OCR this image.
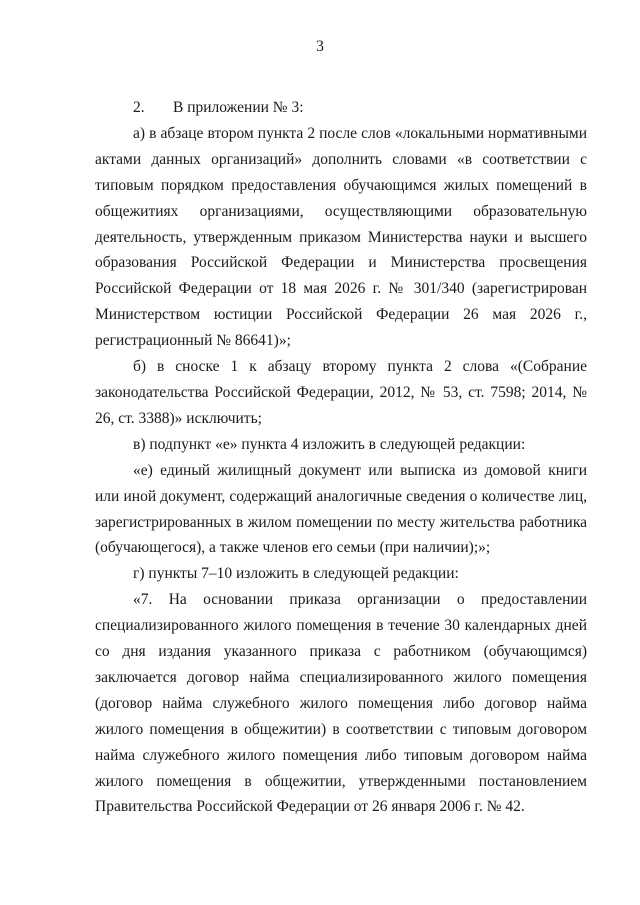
3

2. В приложении № 3:

а) в абзаце втором пункта 2 после слов «локальными нормативными актами данных организаций» дополнить словами «в соответствии с типовым порядком предоставления обучающимся жилых помещений в общежитиях организациями, осуществляющими образовательную деятельность, утвержденным приказом Министерства науки и высшего образования Российской Федерации и Министерства просвещения Российской Федерации от 18 мая 2026 г. № 301/340 (зарегистрирован Министерством юстиции Российской Федерации 26 мая 2026 г., регистрационный № 86641)»;

б) в сноске 1 к абзацу второму пункта 2 слова «(Собрание законодательства Российской Федерации, 2012, № 53, ст. 7598; 2014, № 26, ст. 3388)» исключить;

в) подпункт «е» пункта 4 изложить в следующей редакции:

«е) единый жилищный документ или выписка из домовой книги или иной документ, содержащий аналогичные сведения о количестве лиц, зарегистрированных в жилом помещении по месту жительства работника (обучающегося), а также членов его семьи (при наличии);»;

г) пункты 7–10 изложить в следующей редакции:

«7. На основании приказа организации о предоставлении специализированного жилого помещения в течение 30 календарных дней со дня издания указанного приказа с работником (обучающимся) заключается договор найма специализированного жилого помещения (договор найма служебного жилого помещения либо договор найма жилого помещения в общежитии) в соответствии с типовым договором найма служебного жилого помещения либо типовым договором найма жилого помещения в общежитии, утвержденными постановлением Правительства Российской Федерации от 26 января 2006 г. № 42.
